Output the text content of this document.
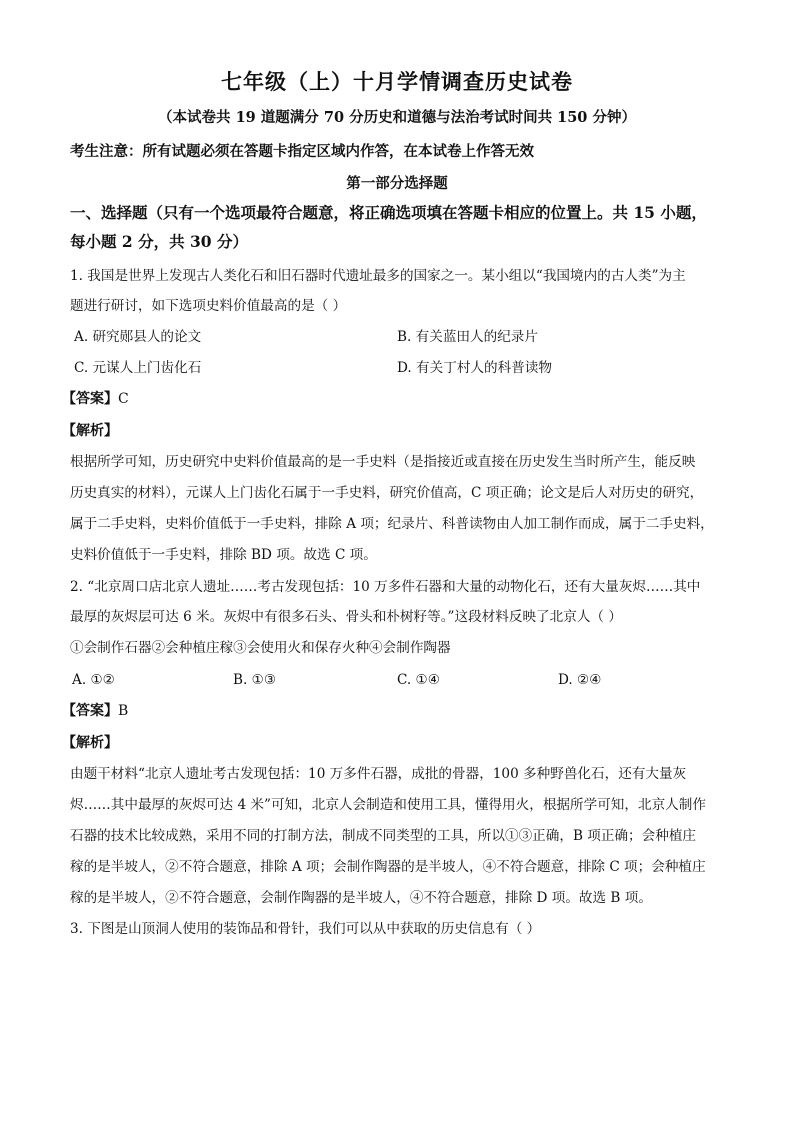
七年级（上）十月学情调查历史试卷
（本试卷共 19 道题满分 70 分历史和道德与法治考试时间共 150 分钟）
考生注意：所有试题必须在答题卡指定区域内作答，在本试卷上作答无效
第一部分选择题
一、选择题（只有一个选项最符合题意，将正确选项填在答题卡相应的位置上。共 15 小题，
每小题 2 分，共 30 分）
1. 我国是世界上发现古人类化石和旧石器时代遗址最多的国家之一。某小组以“我国境内的古人类”为主
题进行研讨，如下选项史料价值最高的是（ ）
A. 研究郧县人的论文	B. 有关蓝田人的纪录片
C. 元谋人上门齿化石	D. 有关丁村人的科普读物
【答案】C
【解析】
根据所学可知，历史研究中史料价值最高的是一手史料（是指接近或直接在历史发生当时所产生，能反映
历史真实的材料），元谋人上门齿化石属于一手史料，研究价值高，C 项正确；论文是后人对历史的研究，
属于二手史料，史料价值低于一手史料，排除 A 项；纪录片、科普读物由人加工制作而成，属于二手史料，
史料价值低于一手史料，排除 BD 项。故选 C 项。
2. “北京周口店北京人遗址……考古发现包括：10 万多件石器和大量的动物化石，还有大量灰烬……其中
最厚的灰烬层可达 6 米。灰烬中有很多石头、骨头和朴树籽等。”这段材料反映了北京人（ ）
①会制作石器②会种植庄稼③会使用火和保存火种④会制作陶器
A. ①②	B. ①③	C. ①④	D. ②④
【答案】B
【解析】
由题干材料“北京人遗址考古发现包括：10 万多件石器，成批的骨器，100 多种野兽化石，还有大量灰
烬……其中最厚的灰烬可达 4 米”可知，北京人会制造和使用工具，懂得用火，根据所学可知，北京人制作
石器的技术比较成熟，采用不同的打制方法，制成不同类型的工具，所以①③正确，B 项正确；会种植庄
稼的是半坡人，②不符合题意，排除 A 项；会制作陶器的是半坡人，④不符合题意，排除 C 项；会种植庄
稼的是半坡人，②不符合题意，会制作陶器的是半坡人，④不符合题意，排除 D 项。故选 B 项。
3. 下图是山顶洞人使用的装饰品和骨针，我们可以从中获取的历史信息有（ ）
